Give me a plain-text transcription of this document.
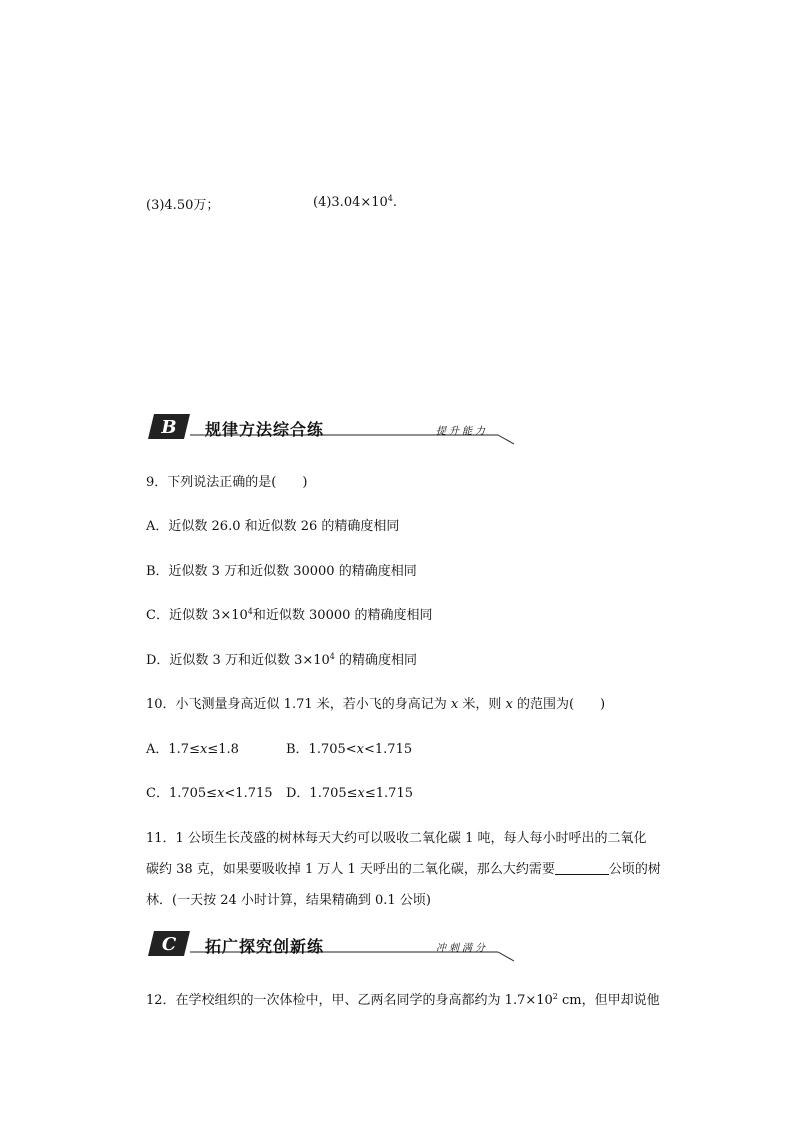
(3)4.50万；	$(4)3.04\times 10^4$.
B 规律方法综合练	提升能力
9．下列说法正确的是(　　)
A．近似数 26.0 和近似数 26 的精确度相同
B．近似数 3 万和近似数 30000 的精确度相同
C．近似数 $3\times 10^4$和近似数 30000 的精确度相同
D．近似数 3 万和近似数 $3\times 10^4$ 的精确度相同
10．小飞测量身高近似 1.71 米，若小飞的身高记为 x 米，则 x 的范围为(　　)
A．1.7≤x≤1.8	B．1.705<x<1.715
C．1.705≤x<1.715 D．1.705≤x≤1.715
11．1 公顷生长茂盛的树林每天大约可以吸收二氧化碳 1 吨，每人每小时呼出的二氧化
碳约 38 克，如果要吸收掉 1 万人 1 天呼出的二氧化碳，那么大约需要	公顷的树
林．(一天按 24 小时计算，结果精确到 0.1 公顷)
C 拓广探究创新练	冲刺满分
12．在学校组织的一次体检中，甲、乙两名同学的身高都约为 $1.7\times 10^2$ cm，但甲却说他
